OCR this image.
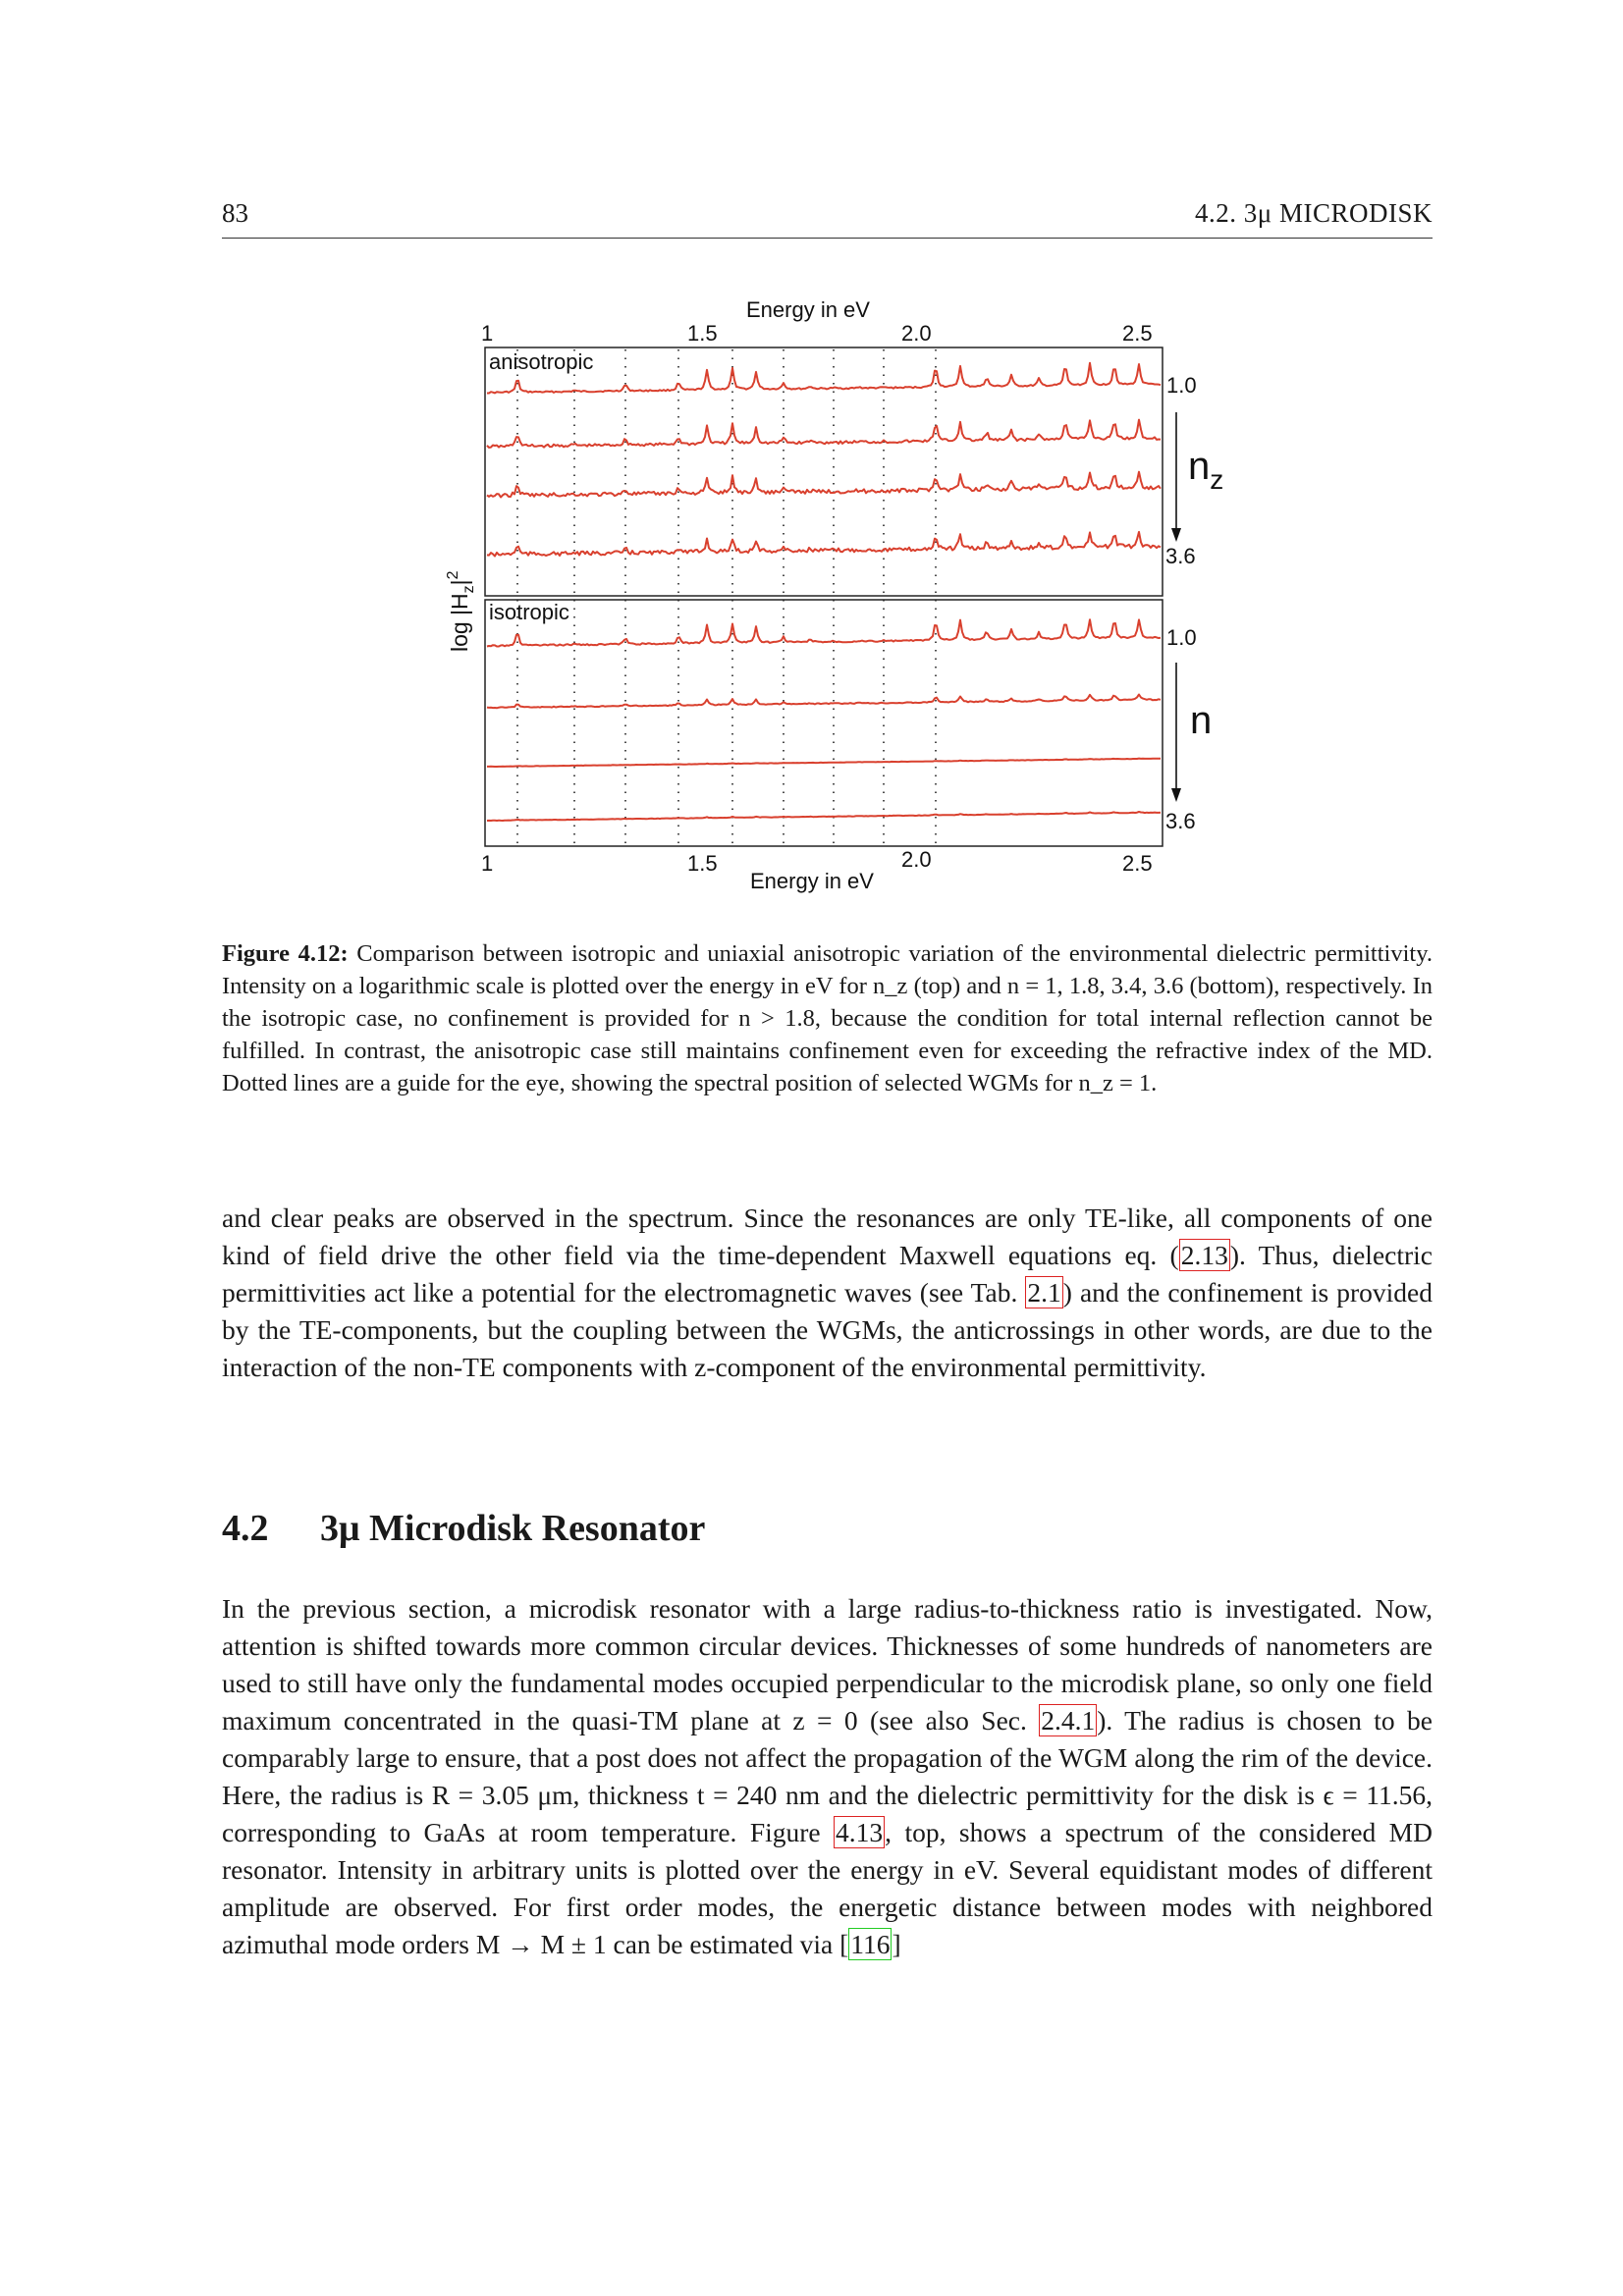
83	4.2. 3μ MICRODISK
Energy in eV
1	1.5	2.0	2.5
1	1.5	2.0	2.5
Energy in eV
anisotropic
isotropic
1.0
3.6
1.0
3.6
$\log |H_z|^2$
$n_z$
n
Figure 4.12: Comparison between isotropic and uniaxial anisotropic variation of the environmental dielectric permittivity. Intensity on a logarithmic scale is plotted over the energy in eV for n_z (top) and n = 1, 1.8, 3.4, 3.6 (bottom), respectively. In the isotropic case, no confinement is provided for n > 1.8, because the condition for total internal reflection cannot be fulfilled. In contrast, the anisotropic case still maintains confinement even for exceeding the refractive index of the MD. Dotted lines are a guide for the eye, showing the spectral position of selected WGMs for n_z = 1.
and clear peaks are observed in the spectrum. Since the resonances are only TE-like, all components of one kind of field drive the other field via the time-dependent Maxwell equations eq. (2.13). Thus, dielectric permittivities act like a potential for the electromagnetic waves (see Tab. 2.1) and the confinement is provided by the TE-components, but the coupling between the WGMs, the anticrossings in other words, are due to the interaction of the non-TE components with z-component of the environmental permittivity.
4.2 3μ Microdisk Resonator
In the previous section, a microdisk resonator with a large radius-to-thickness ratio is investigated. Now, attention is shifted towards more common circular devices. Thicknesses of some hundreds of nanometers are used to still have only the fundamental modes occupied perpendicular to the microdisk plane, so only one field maximum concentrated in the quasi-TM plane at z = 0 (see also Sec. 2.4.1). The radius is chosen to be comparably large to ensure, that a post does not affect the propagation of the WGM along the rim of the device. Here, the radius is R = 3.05 μm, thickness t = 240 nm and the dielectric permittivity for the disk is ϵ = 11.56, corresponding to GaAs at room temperature. Figure 4.13, top, shows a spectrum of the considered MD resonator. Intensity in arbitrary units is plotted over the energy in eV. Several equidistant modes of different amplitude are observed. For first order modes, the energetic distance between modes with neighbored azimuthal mode orders M → M ± 1 can be estimated via [116]
